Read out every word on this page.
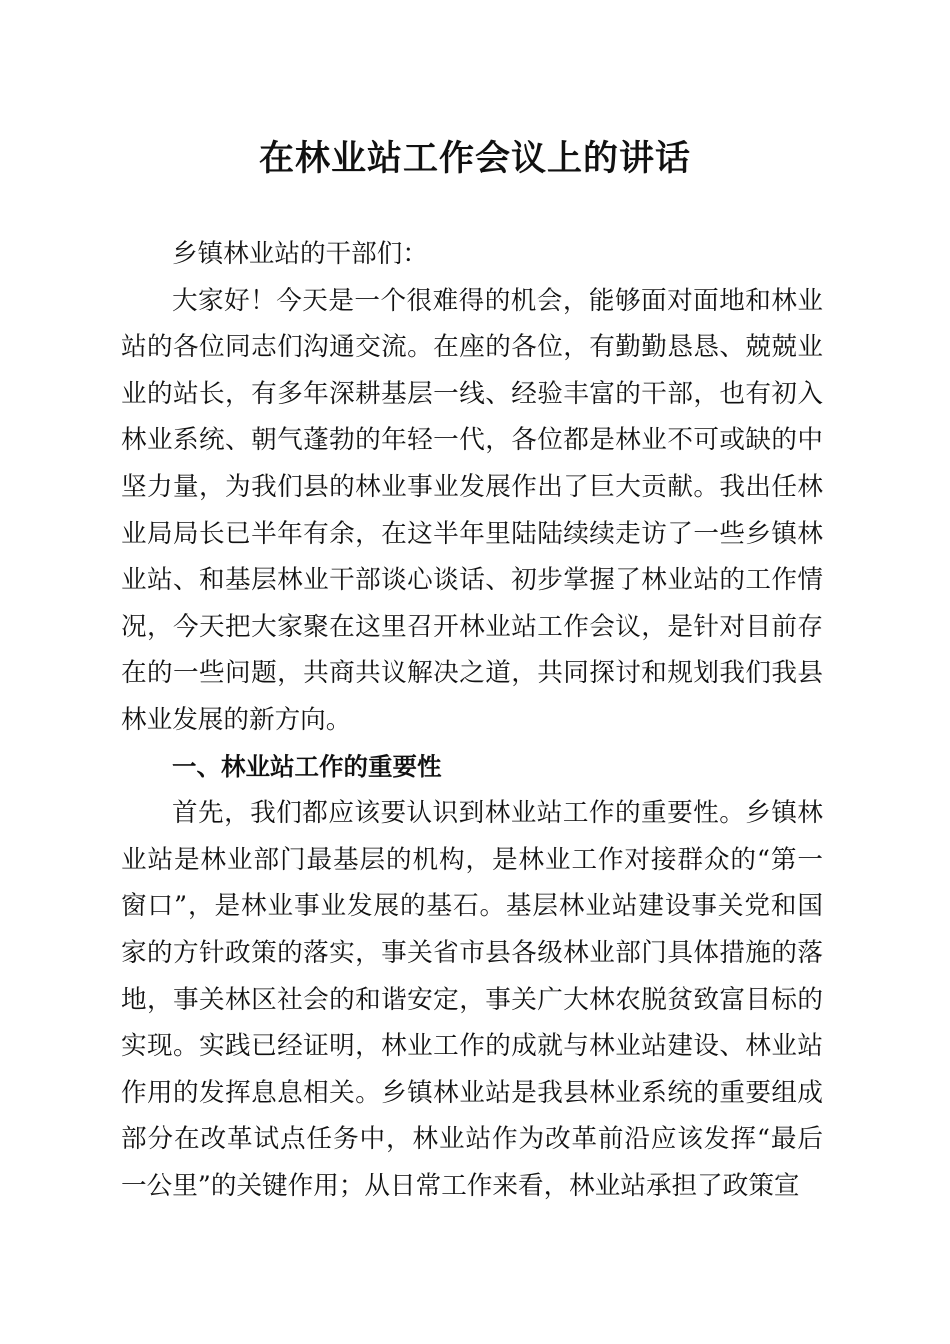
在林业站工作会议上的讲话

乡镇林业站的干部们：

大家好！今天是一个很难得的机会，能够面对面地和林业站的各位同志们沟通交流。在座的各位，有勤勤恳恳、兢兢业业的站长，有多年深耕基层一线、经验丰富的干部，也有初入林业系统、朝气蓬勃的年轻一代，各位都是林业不可或缺的中坚力量，为我们县的林业事业发展作出了巨大贡献。我出任林业局局长已半年有余，在这半年里陆陆续续走访了一些乡镇林业站、和基层林业干部谈心谈话、初步掌握了林业站的工作情况，今天把大家聚在这里召开林业站工作会议，是针对目前存在的一些问题，共商共议解决之道，共同探讨和规划我们我县林业发展的新方向。

一、林业站工作的重要性

首先，我们都应该要认识到林业站工作的重要性。乡镇林业站是林业部门最基层的机构，是林业工作对接群众的“第一窗口”，是林业事业发展的基石。基层林业站建设事关党和国家的方针政策的落实，事关省市县各级林业部门具体措施的落地，事关林区社会的和谐安定，事关广大林农脱贫致富目标的实现。实践已经证明，林业工作的成就与林业站建设、林业站作用的发挥息息相关。乡镇林业站是我县林业系统的重要组成部分在改革试点任务中，林业站作为改革前沿应该发挥“最后一公里”的关键作用；从日常工作来看，林业站承担了政策宣
